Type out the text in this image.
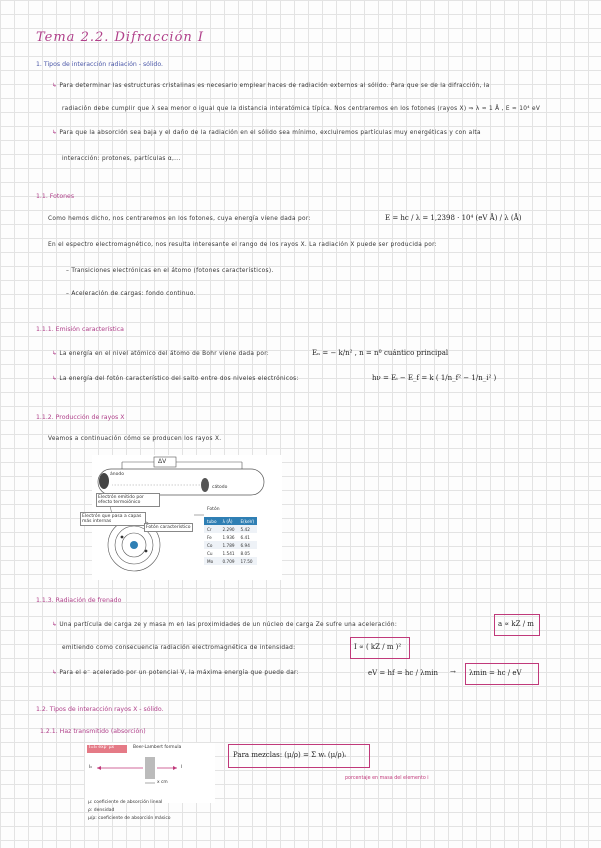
Tema 2.2. Difracción I
1. Tipos de interacción radiación - sólido.
↳ Para determinar las estructuras cristalinas es necesario emplear haces de radiación externos al sólido. Para que se de la difracción, la
radiación debe cumplir que λ sea menor o igual que la distancia interatómica típica. Nos centraremos en los fotones (rayos X) ⇒ λ ≈ 1 Å , E ≈ 10⁴ eV
↳ Para que la absorción sea baja y el daño de la radiación en el sólido sea mínimo, excluiremos partículas muy energéticas y con alta
interacción: protones, partículas α,...
1.1. Fotones
Como hemos dicho, nos centraremos en los fotones, cuya energía viene dada por:	E = hc / λ = 1,2398 · 10⁴ (eV Å) / λ (Å)
En el espectro electromagnético, nos resulta interesante el rango de los rayos X. La radiación X puede ser producida por:
– Transiciones electrónicas en el átomo (fotones característicos).
– Aceleración de cargas: fondo continuo.
1.1.1. Emisión característica
↳ La energía en el nivel atómico del átomo de Bohr viene dada por:	Eₙ = − k/n² , n = nº cuántico principal
↳ La energía del fotón característico del salto entre dos niveles electrónicos:	hν = Eᵢ − E_f = k ( 1/n_f² − 1/n_i² )
1.1.2. Producción de rayos X
Veamos a continuación cómo se producen los rayos X.
ΔV
ánodo
cátodo
Electrón emitido por efecto termoiónico
Electrón que pasa a capas más internas
Fotón
Fotón característico
tubo	λ (Å)	E(keV)
Cr	2.290	5.42
Fe	1.936	6.41
Co	1.789	6.94
Cu	1.541	8.05
Mo	0.709	17.50
1.1.3. Radiación de frenado
↳ Una partícula de carga ze y masa m en las proximidades de un núcleo de carga Ze sufre una aceleración:	a ∝ kZ / m
emitiendo como consecuencia radiación electromagnética de intensidad:	I ∝ ( kZ / m )²
↳ Para el e⁻ acelerado por un potencial V, la máxima energía que puede dar:	eV = hf = hc / λmin → λmin = hc / eV
1.2. Tipos de interacción rayos X - sólido.
1.2.1. Haz transmitido (absorción)
I=I₀ exp⁻μx	Beer-Lambert formula
I₀	I
x cm
Para mezclas: (μ/ρ) = Σ wᵢ (μ/ρ)ᵢ
porcentaje en masa del elemento i
μ: coeficiente de absorción lineal
ρ: densidad
μ/ρ: coeficiente de absorción másico
